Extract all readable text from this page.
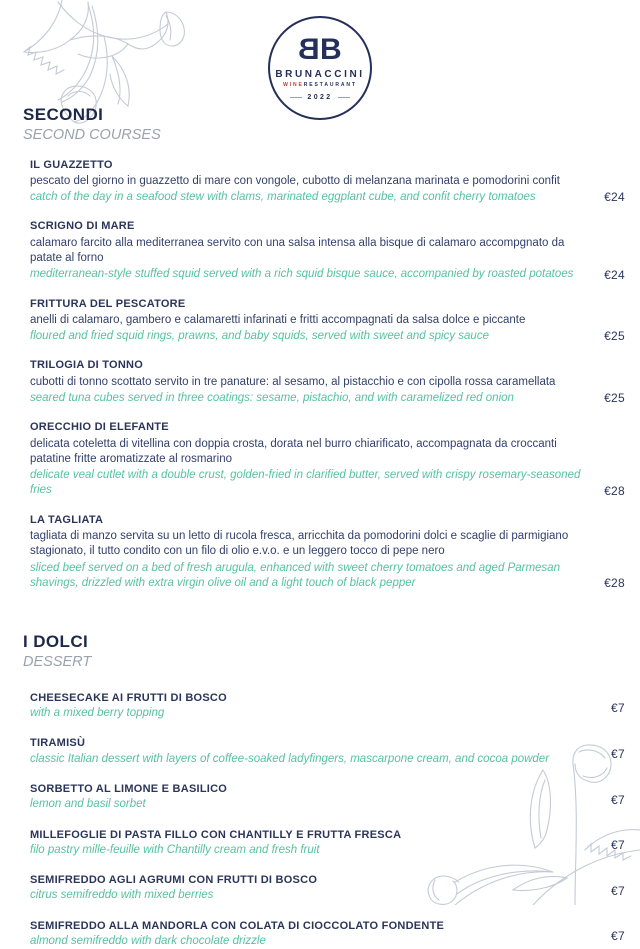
BB
BRUNACCINI
WINERESTAURANT
2022
SECONDI
SECOND COURSES
IL GUAZZETTO
pescato del giorno in guazzetto di mare con vongole, cubotto di melanzana marinata e pomodorini confit
catch of the day in a seafood stew with clams, marinated eggplant cube, and confit cherry tomatoes	€24
SCRIGNO DI MARE
calamaro farcito alla mediterranea servito con una salsa intensa alla bisque di calamaro accompgnato da patate al forno
mediterranean-style stuffed squid served with a rich squid bisque sauce, accompanied by roasted potatoes	€24
FRITTURA DEL PESCATORE
anelli di calamaro, gambero e calamaretti infarinati e fritti accompagnati da salsa dolce e piccante
floured and fried squid rings, prawns, and baby squids, served with sweet and spicy sauce	€25
TRILOGIA DI TONNO
cubotti di tonno scottato servito in tre panature: al sesamo, al pistacchio e con cipolla rossa caramellata
seared tuna cubes served in three coatings: sesame, pistachio, and with caramelized red onion	€25
ORECCHIO DI ELEFANTE
delicata coteletta di vitellina con doppia crosta, dorata nel burro chiarificato, accompagnata da croccanti patatine fritte aromatizzate al rosmarino
delicate veal cutlet with a double crust, golden-fried in clarified butter, served with crispy rosemary-seasoned fries	€28
LA TAGLIATA
tagliata di manzo servita su un letto di rucola fresca, arricchita da pomodorini dolci e scaglie di parmigiano stagionato, il tutto condito con un filo di olio e.v.o. e un leggero tocco di pepe nero
sliced beef served on a bed of fresh arugula, enhanced with sweet cherry tomatoes and aged Parmesan shavings, drizzled with extra virgin olive oil and a light touch of black pepper	€28
I DOLCI
DESSERT
CHEESECAKE AI FRUTTI DI BOSCO
with a mixed berry topping	€7
TIRAMISÙ
classic Italian dessert with layers of coffee-soaked ladyfingers, mascarpone cream, and cocoa powder	€7
SORBETTO AL LIMONE E BASILICO
lemon and basil sorbet	€7
MILLEFOGLIE DI PASTA FILLO CON CHANTILLY E FRUTTA FRESCA
filo pastry mille-feuille with Chantilly cream and fresh fruit	€7
SEMIFREDDO AGLI AGRUMI CON FRUTTI DI BOSCO
citrus semifreddo with mixed berries	€7
SEMIFREDDO ALLA MANDORLA CON COLATA DI CIOCCOLATO FONDENTE
almond semifreddo with dark chocolate drizzle	€7
